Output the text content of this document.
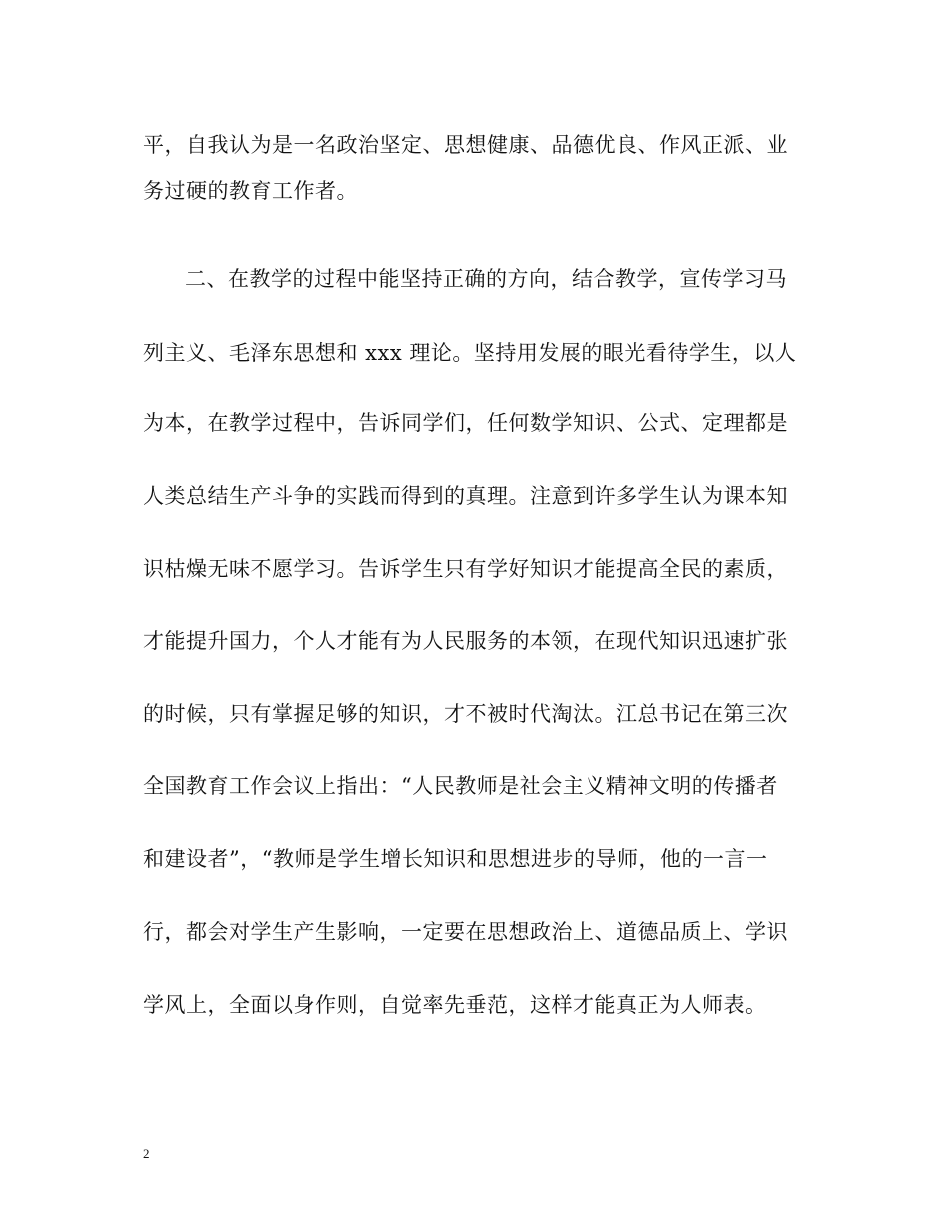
平，自我认为是一名政治坚定、思想健康、品德优良、作风正派、业
务过硬的教育工作者。
二、在教学的过程中能坚持正确的方向，结合教学，宣传学习马
列主义、毛泽东思想和 xxx 理论。坚持用发展的眼光看待学生，以人
为本，在教学过程中，告诉同学们，任何数学知识、公式、定理都是
人类总结生产斗争的实践而得到的真理。注意到许多学生认为课本知
识枯燥无味不愿学习。告诉学生只有学好知识才能提高全民的素质，
才能提升国力，个人才能有为人民服务的本领，在现代知识迅速扩张
的时候，只有掌握足够的知识，才不被时代淘汰。江总书记在第三次
全国教育工作会议上指出：“人民教师是社会主义精神文明的传播者
和建设者”，“教师是学生增长知识和思想进步的导师，他的一言一
行，都会对学生产生影响，一定要在思想政治上、道德品质上、学识
学风上，全面以身作则，自觉率先垂范，这样才能真正为人师表。
2
